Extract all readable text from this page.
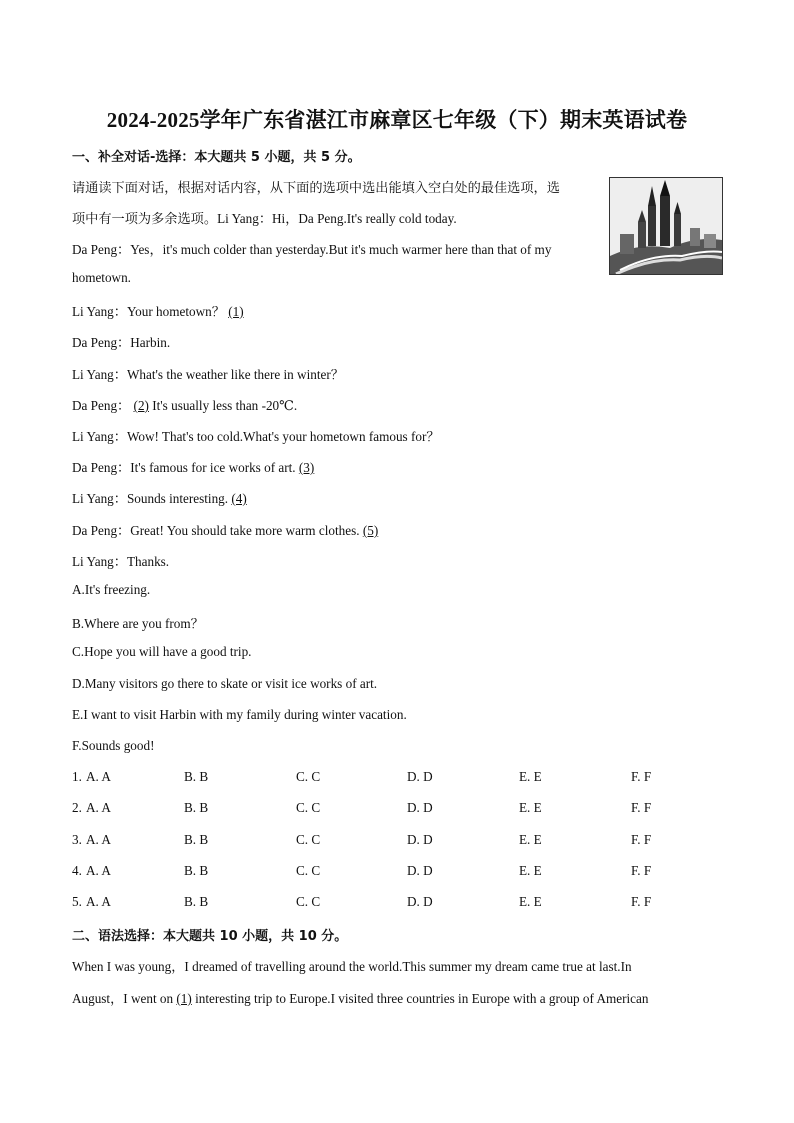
2024-2025学年广东省湛江市麻章区七年级（下）期末英语试卷
一、补全对话-选择：本大题共 5 小题，共 5 分。
请通读下面对话，根据对话内容，从下面的选项中选出能填入空白处的最佳选项，选
项中有一项为多余选项。Li Yang：Hi，Da Peng.It's really cold today.
Da Peng：Yes，it's much colder than yesterday.But it's much warmer here than that of my
hometown.
Li Yang：Your hometown？ (1)
Da Peng：Harbin.
Li Yang：What's the weather like there in winter？
Da Peng： (2) It's usually less than -20℃.
Li Yang：Wow! That's too cold.What's your hometown famous for？
Da Peng：It's famous for ice works of art. (3)
Li Yang：Sounds interesting. (4)
Da Peng：Great! You should take more warm clothes. (5)
Li Yang：Thanks.
A.It's freezing.
B.Where are you from？
C.Hope you will have a good trip.
D.Many visitors go there to skate or visit ice works of art.
E.I want to visit Harbin with my family during winter vacation.
F.Sounds good!
1. A. A	B. B	C. C	D. D	E. E	F. F
2. A. A	B. B	C. C	D. D	E. E	F. F
3. A. A	B. B	C. C	D. D	E. E	F. F
4. A. A	B. B	C. C	D. D	E. E	F. F
5. A. A	B. B	C. C	D. D	E. E	F. F
二、语法选择：本大题共 10 小题，共 10 分。
When I was young，I dreamed of travelling around the world.This summer my dream came true at last.In
August，I went on (1) interesting trip to Europe.I visited three countries in Europe with a group of American
